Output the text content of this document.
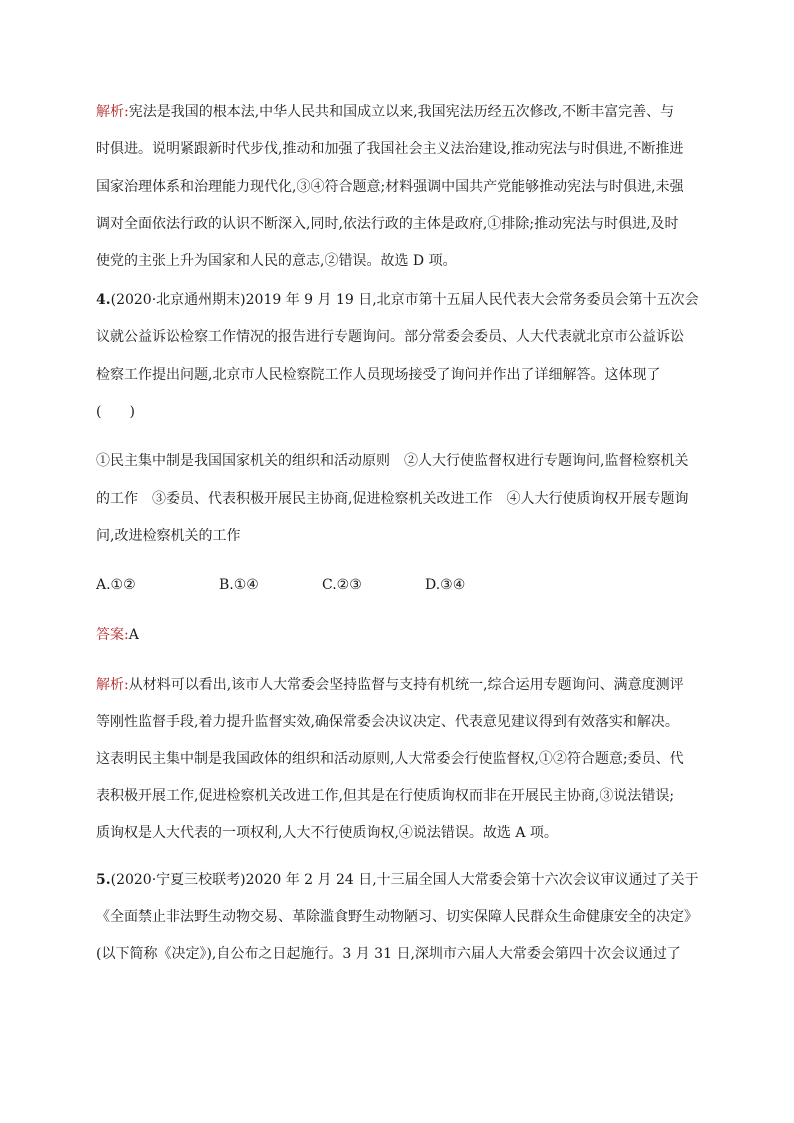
解析:宪法是我国的根本法,中华人民共和国成立以来,我国宪法历经五次修改,不断丰富完善、与
时俱进。说明紧跟新时代步伐,推动和加强了我国社会主义法治建设,推动宪法与时俱进,不断推进
国家治理体系和治理能力现代化,③④符合题意;材料强调中国共产党能够推动宪法与时俱进,未强
调对全面依法行政的认识不断深入,同时,依法行政的主体是政府,①排除;推动宪法与时俱进,及时
使党的主张上升为国家和人民的意志,②错误。故选 D 项。
4.(2020·北京通州期末)2019 年 9 月 19 日,北京市第十五届人民代表大会常务委员会第十五次会
议就公益诉讼检察工作情况的报告进行专题询问。部分常委会委员、人大代表就北京市公益诉讼
检察工作提出问题,北京市人民检察院工作人员现场接受了询问并作出了详细解答。这体现了
(　　)
①民主集中制是我国国家机关的组织和活动原则　②人大行使监督权进行专题询问,监督检察机关
的工作　③委员、代表积极开展民主协商,促进检察机关改进工作　④人大行使质询权开展专题询
问,改进检察机关的工作
A.①②	B.①④	C.②③	D.③④
答案:A
解析:从材料可以看出,该市人大常委会坚持监督与支持有机统一,综合运用专题询问、满意度测评
等刚性监督手段,着力提升监督实效,确保常委会决议决定、代表意见建议得到有效落实和解决。
这表明民主集中制是我国政体的组织和活动原则,人大常委会行使监督权,①②符合题意;委员、代
表积极开展工作,促进检察机关改进工作,但其是在行使质询权而非在开展民主协商,③说法错误;
质询权是人大代表的一项权利,人大不行使质询权,④说法错误。故选 A 项。
5.(2020·宁夏三校联考)2020 年 2 月 24 日,十三届全国人大常委会第十六次会议审议通过了关于
《全面禁止非法野生动物交易、革除滥食野生动物陋习、切实保障人民群众生命健康安全的决定》
(以下简称《决定》),自公布之日起施行。3 月 31 日,深圳市六届人大常委会第四十次会议通过了
